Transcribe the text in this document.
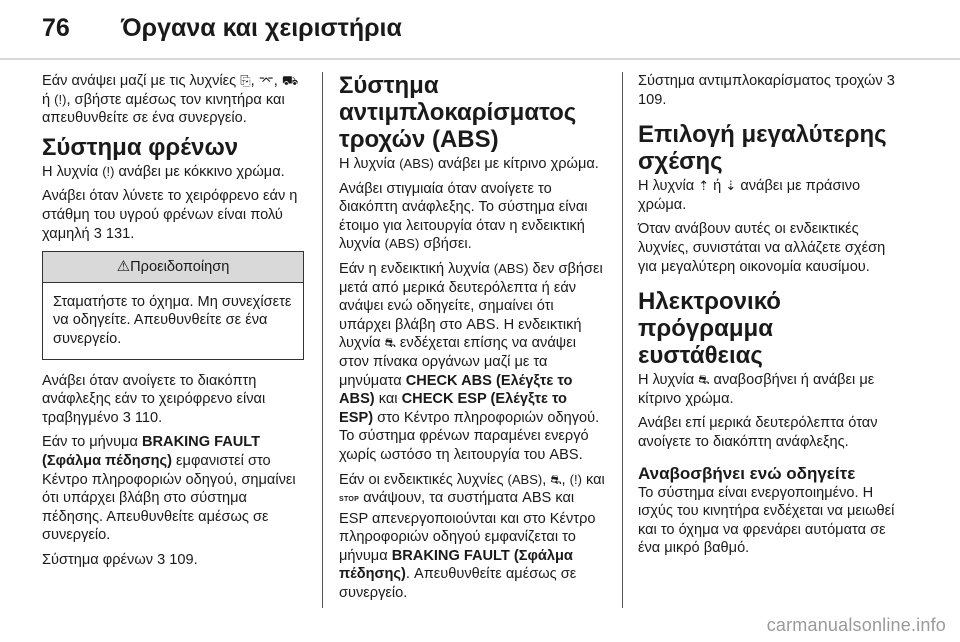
76 Όργανα και χειριστήρια

Εάν ανάψει μαζί με τις λυχνίες ⎘, ⌤, ⛟ ή (!), σβήστε αμέσως τον κινητήρα και απευθυνθείτε σε ένα συνεργείο.

Σύστημα φρένων

Η λυχνία (!) ανάβει με κόκκινο χρώμα.

Ανάβει όταν λύνετε το χειρόφρενο εάν η στάθμη του υγρού φρένων είναι πολύ χαμηλή 3 131.

⚠Προειδοποίηση
Σταματήστε το όχημα. Μη συνεχίσετε να οδηγείτε. Απευθυνθείτε σε ένα συνεργείο.

Ανάβει όταν ανοίγετε το διακόπτη ανάφλεξης εάν το χειρόφρενο είναι τραβηγμένο 3 110.

Εάν το μήνυμα BRAKING FAULT (Σφάλμα πέδησης) εμφανιστεί στο Κέντρο πληροφοριών οδηγού, σημαίνει ότι υπάρχει βλάβη στο σύστημα πέδησης. Απευθυνθείτε αμέσως σε συνεργείο.

Σύστημα φρένων 3 109.

Σύστημα αντιμπλοκαρίσματος τροχών (ABS)

Η λυχνία (ABS) ανάβει με κίτρινο χρώμα.

Ανάβει στιγμιαία όταν ανοίγετε το διακόπτη ανάφλεξης. Το σύστημα είναι έτοιμο για λειτουργία όταν η ενδεικτική λυχνία (ABS) σβήσει.

Εάν η ενδεικτική λυχνία (ABS) δεν σβήσει μετά από μερικά δευτερόλεπτα ή εάν ανάψει ενώ οδηγείτε, σημαίνει ότι υπάρχει βλάβη στο ABS. Η ενδεικτική λυχνία ⛐ ενδέχεται επίσης να ανάψει στον πίνακα οργάνων μαζί με τα μηνύματα CHECK ABS (Ελέγξτε το ABS) και CHECK ESP (Ελέγξτε το ESP) στο Κέντρο πληροφοριών οδηγού. Το σύστημα φρένων παραμένει ενεργό χωρίς ωστόσο τη λειτουργία του ABS.

Εάν οι ενδεικτικές λυχνίες (ABS), ⛐, (!) και STOP ανάψουν, τα συστήματα ABS και ESP απενεργοποιούνται και στο Κέντρο πληροφοριών οδηγού εμφανίζεται το μήνυμα BRAKING FAULT (Σφάλμα πέδησης). Απευθυνθείτε αμέσως σε συνεργείο.

Σύστημα αντιμπλοκαρίσματος τροχών 3 109.

Επιλογή μεγαλύτερης σχέσης

Η λυχνία ⇡ ή ⇣ ανάβει με πράσινο χρώμα.

Όταν ανάβουν αυτές οι ενδεικτικές λυχνίες, συνιστάται να αλλάζετε σχέση για μεγαλύτερη οικονομία καυσίμου.

Ηλεκτρονικό πρόγραμμα ευστάθειας

Η λυχνία ⛐ αναβοσβήνει ή ανάβει με κίτρινο χρώμα.

Ανάβει επί μερικά δευτερόλεπτα όταν ανοίγετε το διακόπτη ανάφλεξης.

Αναβοσβήνει ενώ οδηγείτε

Το σύστημα είναι ενεργοποιημένο. Η ισχύς του κινητήρα ενδέχεται να μειωθεί και το όχημα να φρενάρει αυτόματα σε ένα μικρό βαθμό.

carmanualsonline.info
